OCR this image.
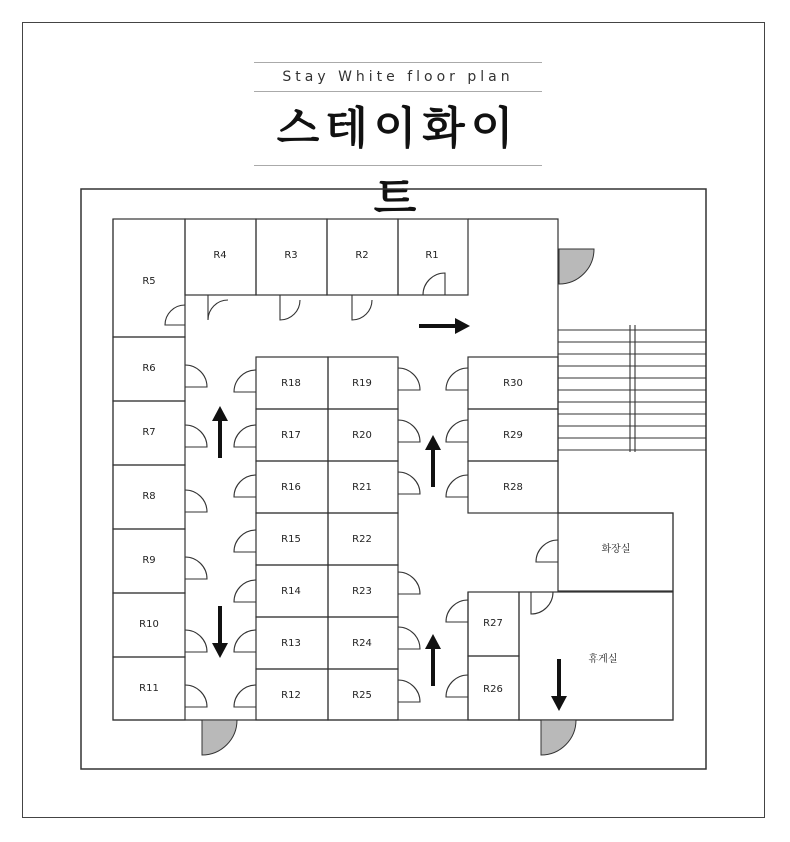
Stay White floor plan
스테이화이트
R1
R2
R3
R4
R5
R6
R7
R8
R9
R10
R11
R18	R19
R17	R20
R16	R21
R15	R22
R14	R23
R13	R24
R12	R25
R30
R29
R28
화장실
R27
R26
휴게실
